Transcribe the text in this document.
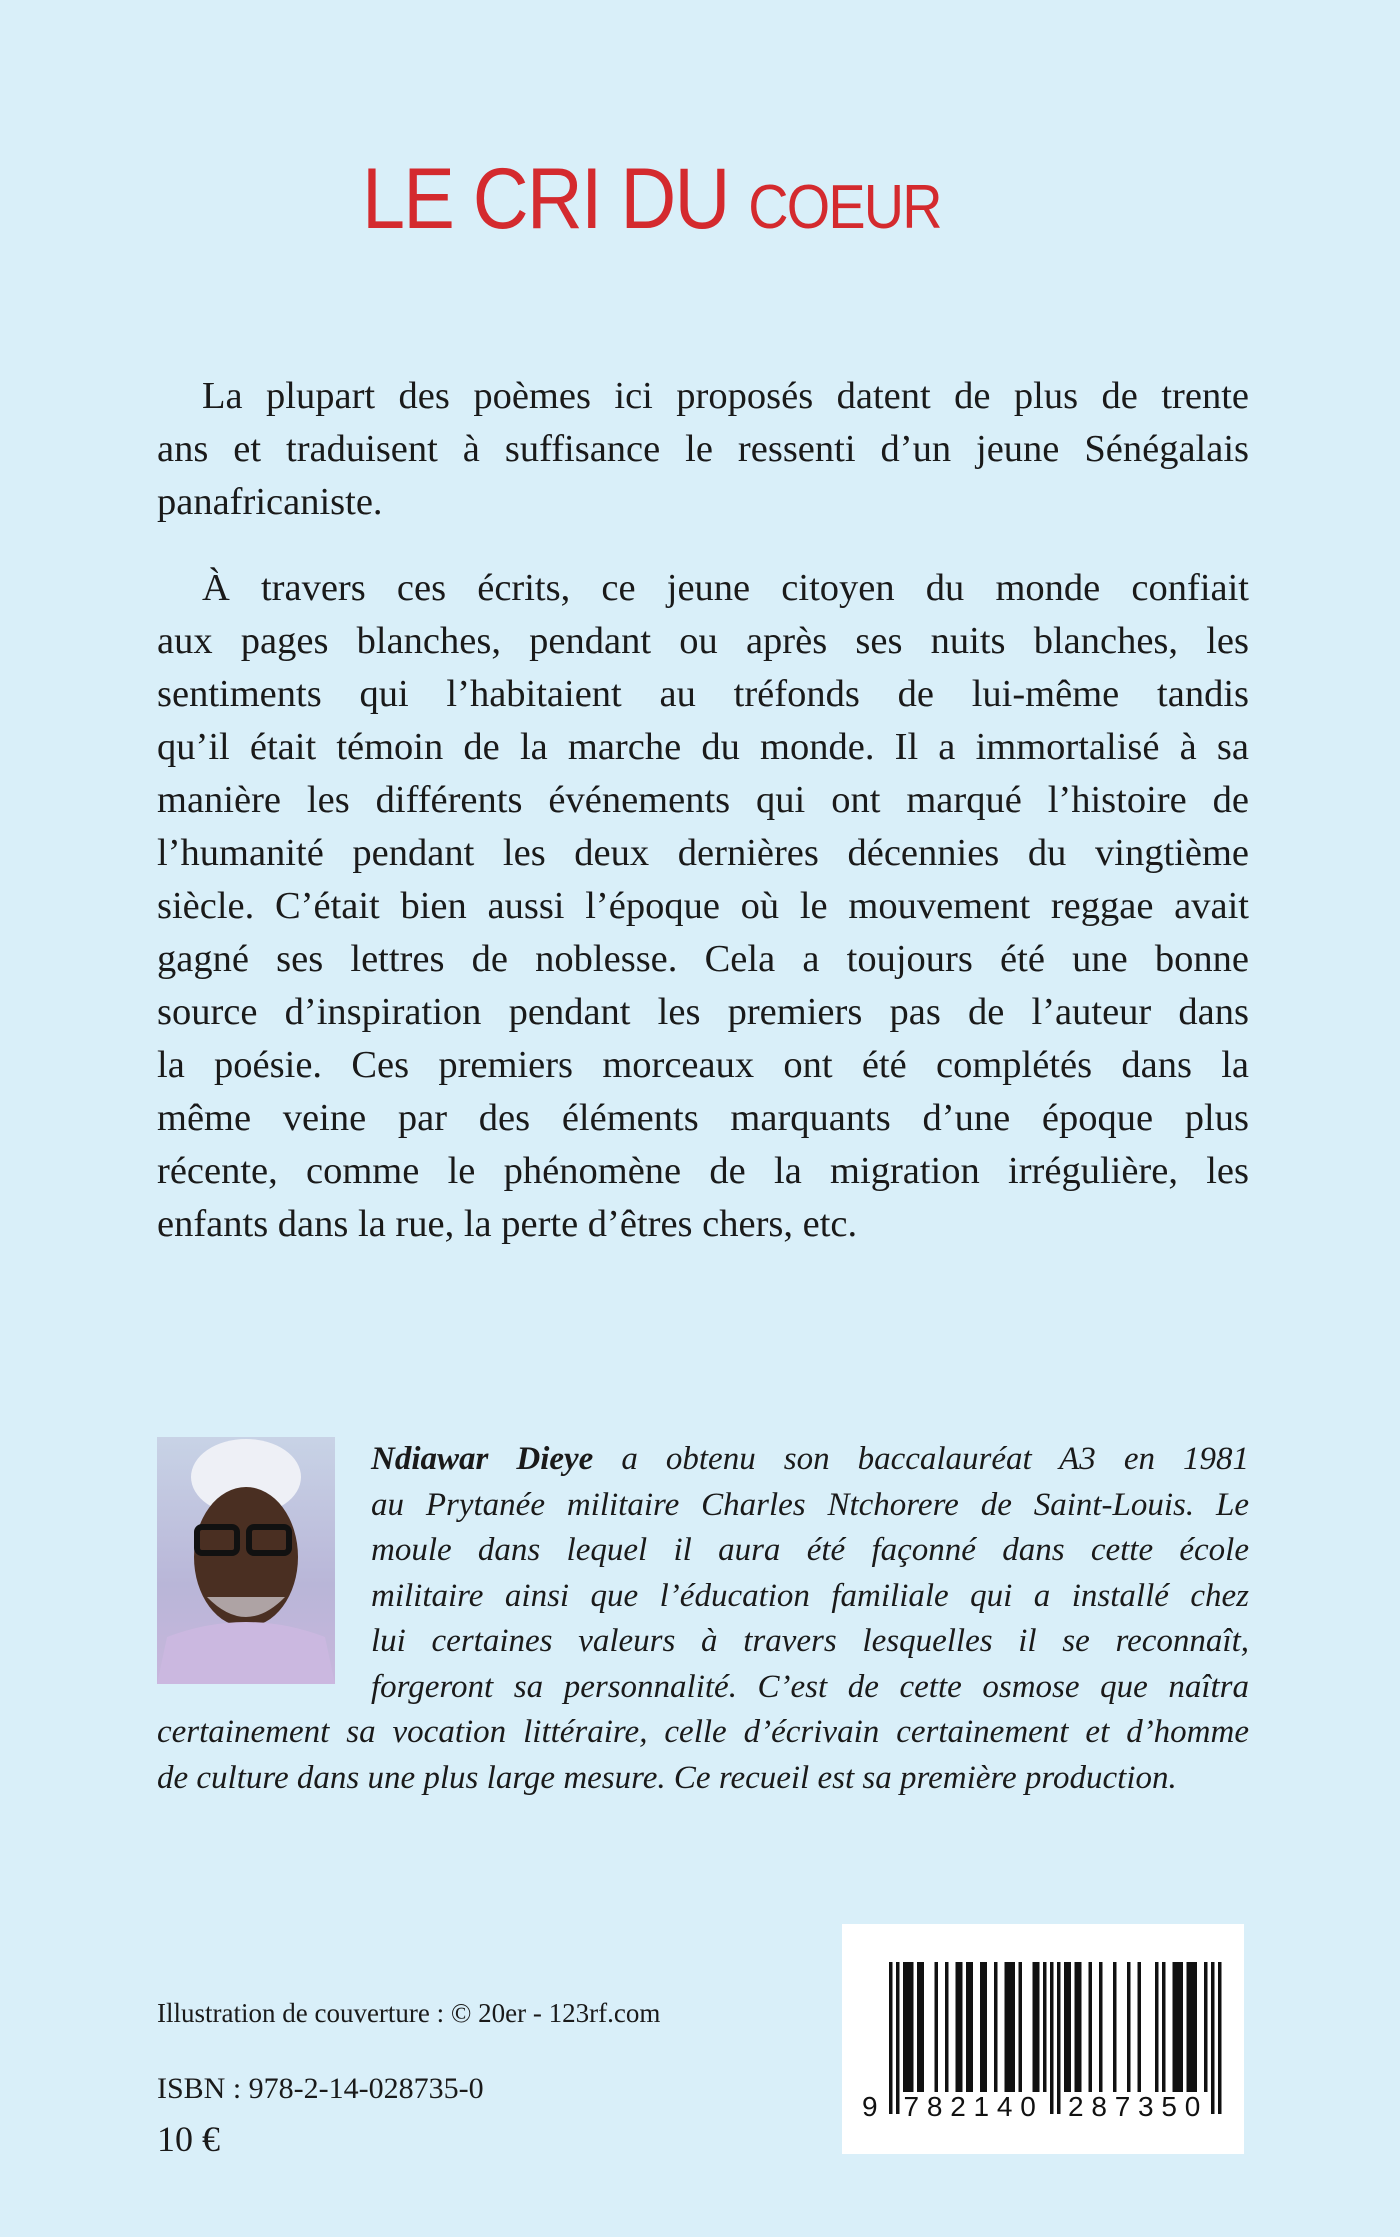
LE CRI DU COEUR
La plupart des poèmes ici proposés datent de plus de trente
ans et traduisent à suffisance le ressenti d’un jeune Sénégalais
panafricaniste.
À travers ces écrits, ce jeune citoyen du monde confiait
aux pages blanches, pendant ou après ses nuits blanches, les
sentiments qui l’habitaient au tréfonds de lui-même tandis
qu’il était témoin de la marche du monde. Il a immortalisé à sa
manière les différents événements qui ont marqué l’histoire de
l’humanité pendant les deux dernières décennies du vingtième
siècle. C’était bien aussi l’époque où le mouvement reggae avait
gagné ses lettres de noblesse. Cela a toujours été une bonne
source d’inspiration pendant les premiers pas de l’auteur dans
la poésie. Ces premiers morceaux ont été complétés dans la
même veine par des éléments marquants d’une époque plus
récente, comme le phénomène de la migration irrégulière, les
enfants dans la rue, la perte d’êtres chers, etc.
Ndiawar Dieye a obtenu son baccalauréat A3 en 1981
au Prytanée militaire Charles Ntchorere de Saint-Louis. Le
moule dans lequel il aura été façonné dans cette école
militaire ainsi que l’éducation familiale qui a installé chez
lui certaines valeurs à travers lesquelles il se reconnaît,
forgeront sa personnalité. C’est de cette osmose que naîtra
certainement sa vocation littéraire, celle d’écrivain certainement et d’homme
de culture dans une plus large mesure. Ce recueil est sa première production.
Illustration de couverture : © 20er - 123rf.com
ISBN : 978-2-14-028735-0
10 €
9 7 8 2 1 4 0 2 8 7 3 5 0
